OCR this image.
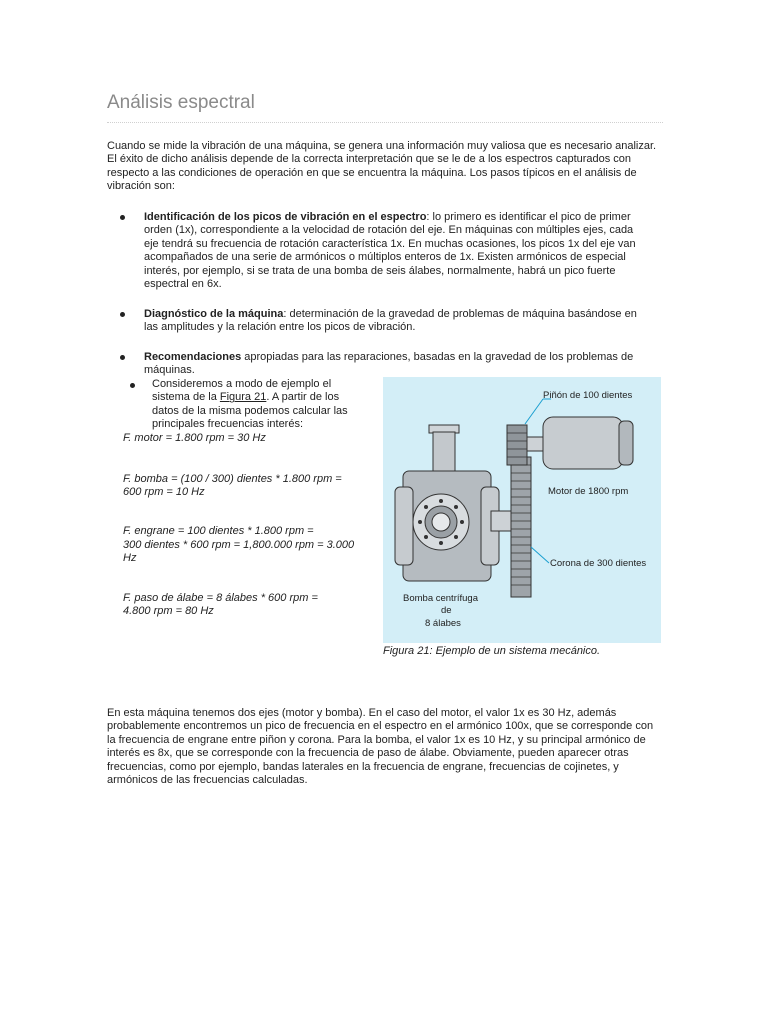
Análisis espectral

Cuando se mide la vibración de una máquina, se genera una información muy valiosa que es necesario analizar. El éxito de dicho análisis depende de la correcta interpretación que se le de a los espectros capturados con respecto a las condiciones de operación en que se encuentra la máquina. Los pasos típicos en el análisis de vibración son:

Identificación de los picos de vibración en el espectro: lo primero es identificar el pico de primer orden (1x), correspondiente a la velocidad de rotación del eje. En máquinas con múltiples ejes, cada eje tendrá su frecuencia de rotación característica 1x. En muchas ocasiones, los picos 1x del eje van acompañados de una serie de armónicos o múltiplos enteros de 1x. Existen armónicos de especial interés, por ejemplo, si se trata de una bomba de seis álabes, normalmente, habrá un pico fuerte espectral en 6x.
Diagnóstico de la máquina: determinación de la gravedad de problemas de máquina basándose en las amplitudes y la relación entre los picos de vibración.
Recomendaciones apropiadas para las reparaciones, basadas en la gravedad de los problemas de máquinas.
Consideremos a modo de ejemplo el sistema de la Figura 21. A partir de los datos de la misma podemos calcular las principales frecuencias interés:
F. motor = 1.800 rpm = 30 Hz
F. bomba = (100 / 300) dientes * 1.800 rpm = 600 rpm = 10 Hz
F. engrane = 100 dientes * 1.800 rpm =
300 dientes * 600 rpm = 1,800.000 rpm = 3.000 Hz
F. paso de álabe = 8 álabes * 600 rpm = 4.800 rpm = 80 Hz
Piñón de 100 dientes
Motor de 1800 rpm
Corona de 300 dientes
Bomba centrífuga
de
8 álabes
Figura 21: Ejemplo de un sistema mecánico.

En esta máquina tenemos dos ejes (motor y bomba). En el caso del motor, el valor 1x es 30 Hz, además probablemente encontremos un pico de frecuencia en el espectro en el armónico 100x, que se corresponde con la frecuencia de engrane entre piñon y corona. Para la bomba, el valor 1x es 10 Hz, y su principal armónico de interés es 8x, que se corresponde con la frecuencia de paso de álabe. Obviamente, pueden aparecer otras frecuencias, como por ejemplo, bandas laterales en la frecuencia de engrane, frecuencias de cojinetes, y armónicos de las frecuencias calculadas.
